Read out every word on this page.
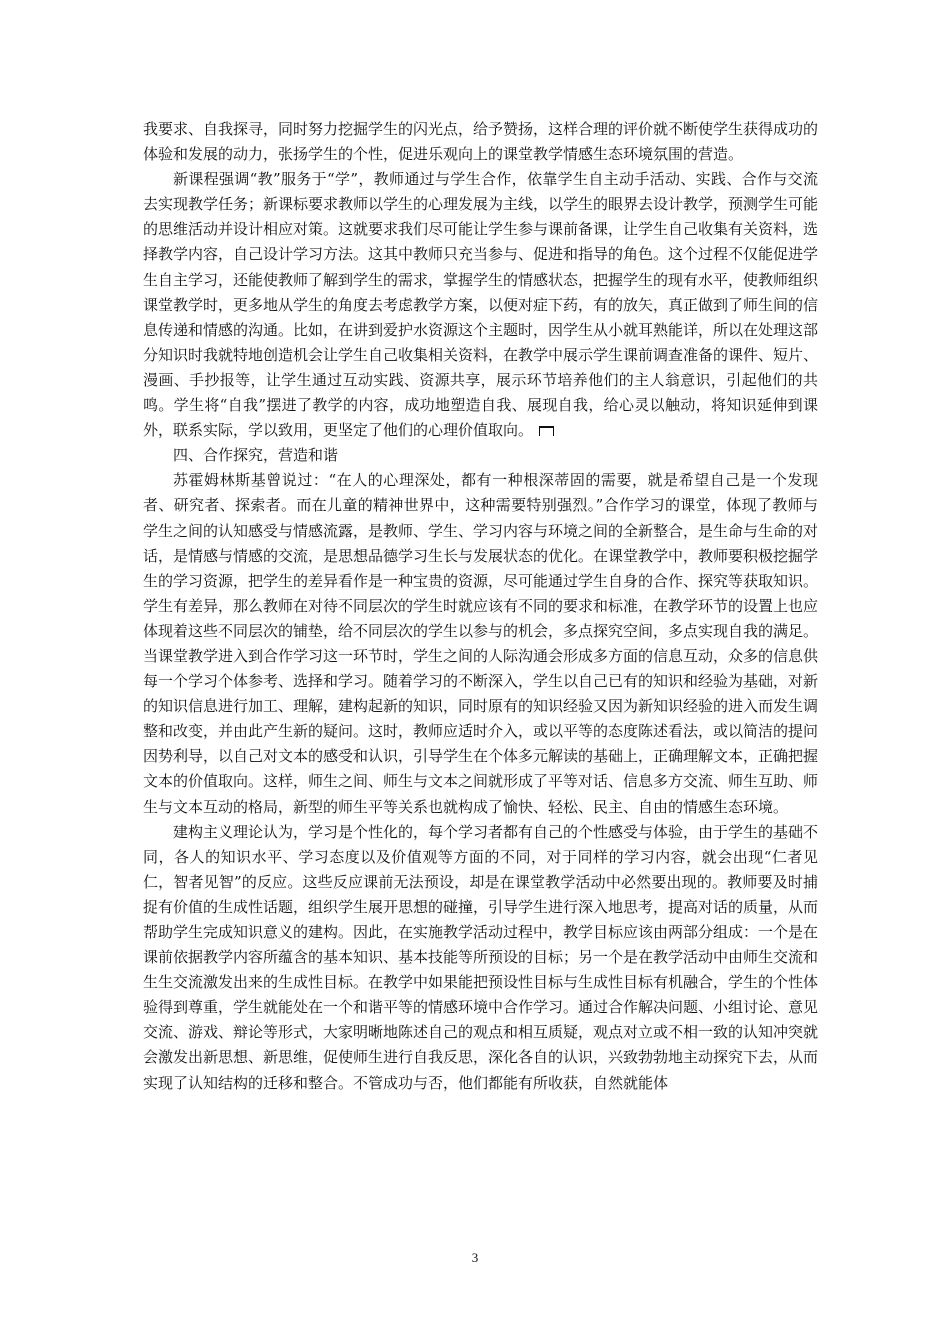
我要求、自我探寻，同时努力挖掘学生的闪光点，给予赞扬，这样合理的评价就不断使学生获得成功的体验和发展的动力，张扬学生的个性，促进乐观向上的课堂教学情感生态环境氛围的营造。

新课程强调“教”服务于“学”，教师通过与学生合作，依靠学生自主动手活动、实践、合作与交流去实现教学任务；新课标要求教师以学生的心理发展为主线，以学生的眼界去设计教学，预测学生可能的思维活动并设计相应对策。这就要求我们尽可能让学生参与课前备课，让学生自己收集有关资料，选择教学内容，自己设计学习方法。这其中教师只充当参与、促进和指导的角色。这个过程不仅能促进学生自主学习，还能使教师了解到学生的需求，掌握学生的情感状态，把握学生的现有水平，使教师组织课堂教学时，更多地从学生的角度去考虑教学方案，以便对症下药，有的放矢，真正做到了师生间的信息传递和情感的沟通。比如，在讲到爱护水资源这个主题时，因学生从小就耳熟能详，所以在处理这部分知识时我就特地创造机会让学生自己收集相关资料，在教学中展示学生课前调查准备的课件、短片、漫画、手抄报等，让学生通过互动实践、资源共享，展示环节培养他们的主人翁意识，引起他们的共鸣。学生将“自我”摆进了教学的内容，成功地塑造自我、展现自我，给心灵以触动，将知识延伸到课外，联系实际，学以致用，更坚定了他们的心理价值取向。

四、合作探究，营造和谐

苏霍姆林斯基曾说过：“在人的心理深处，都有一种根深蒂固的需要，就是希望自己是一个发现者、研究者、探索者。而在儿童的精神世界中，这种需要特别强烈。”合作学习的课堂，体现了教师与学生之间的认知感受与情感流露，是教师、学生、学习内容与环境之间的全新整合，是生命与生命的对话，是情感与情感的交流，是思想品德学习生长与发展状态的优化。在课堂教学中，教师要积极挖掘学生的学习资源，把学生的差异看作是一种宝贵的资源，尽可能通过学生自身的合作、探究等获取知识。学生有差异，那么教师在对待不同层次的学生时就应该有不同的要求和标准，在教学环节的设置上也应体现着这些不同层次的铺垫，给不同层次的学生以参与的机会，多点探究空间，多点实现自我的满足。当课堂教学进入到合作学习这一环节时，学生之间的人际沟通会形成多方面的信息互动，众多的信息供每一个学习个体参考、选择和学习。随着学习的不断深入，学生以自己已有的知识和经验为基础，对新的知识信息进行加工、理解，建构起新的知识，同时原有的知识经验又因为新知识经验的进入而发生调整和改变，并由此产生新的疑问。这时，教师应适时介入，或以平等的态度陈述看法，或以简洁的提问因势利导，以自己对文本的感受和认识，引导学生在个体多元解读的基础上，正确理解文本，正确把握文本的价值取向。这样，师生之间、师生与文本之间就形成了平等对话、信息多方交流、师生互助、师生与文本互动的格局，新型的师生平等关系也就构成了愉快、轻松、民主、自由的情感生态环境。

建构主义理论认为，学习是个性化的，每个学习者都有自己的个性感受与体验，由于学生的基础不同，各人的知识水平、学习态度以及价值观等方面的不同，对于同样的学习内容，就会出现“仁者见仁，智者见智”的反应。这些反应课前无法预设，却是在课堂教学活动中必然要出现的。教师要及时捕捉有价值的生成性话题，组织学生展开思想的碰撞，引导学生进行深入地思考，提高对话的质量，从而帮助学生完成知识意义的建构。因此，在实施教学活动过程中，教学目标应该由两部分组成：一个是在课前依据教学内容所蕴含的基本知识、基本技能等所预设的目标；另一个是在教学活动中由师生交流和生生交流激发出来的生成性目标。在教学中如果能把预设性目标与生成性目标有机融合，学生的个性体验得到尊重，学生就能处在一个和谐平等的情感环境中合作学习。通过合作解决问题、小组讨论、意见交流、游戏、辩论等形式，大家明晰地陈述自己的观点和相互质疑，观点对立或不相一致的认知冲突就会激发出新思想、新思维，促使师生进行自我反思，深化各自的认识，兴致勃勃地主动探究下去，从而实现了认知结构的迁移和整合。不管成功与否，他们都能有所收获，自然就能体

3
